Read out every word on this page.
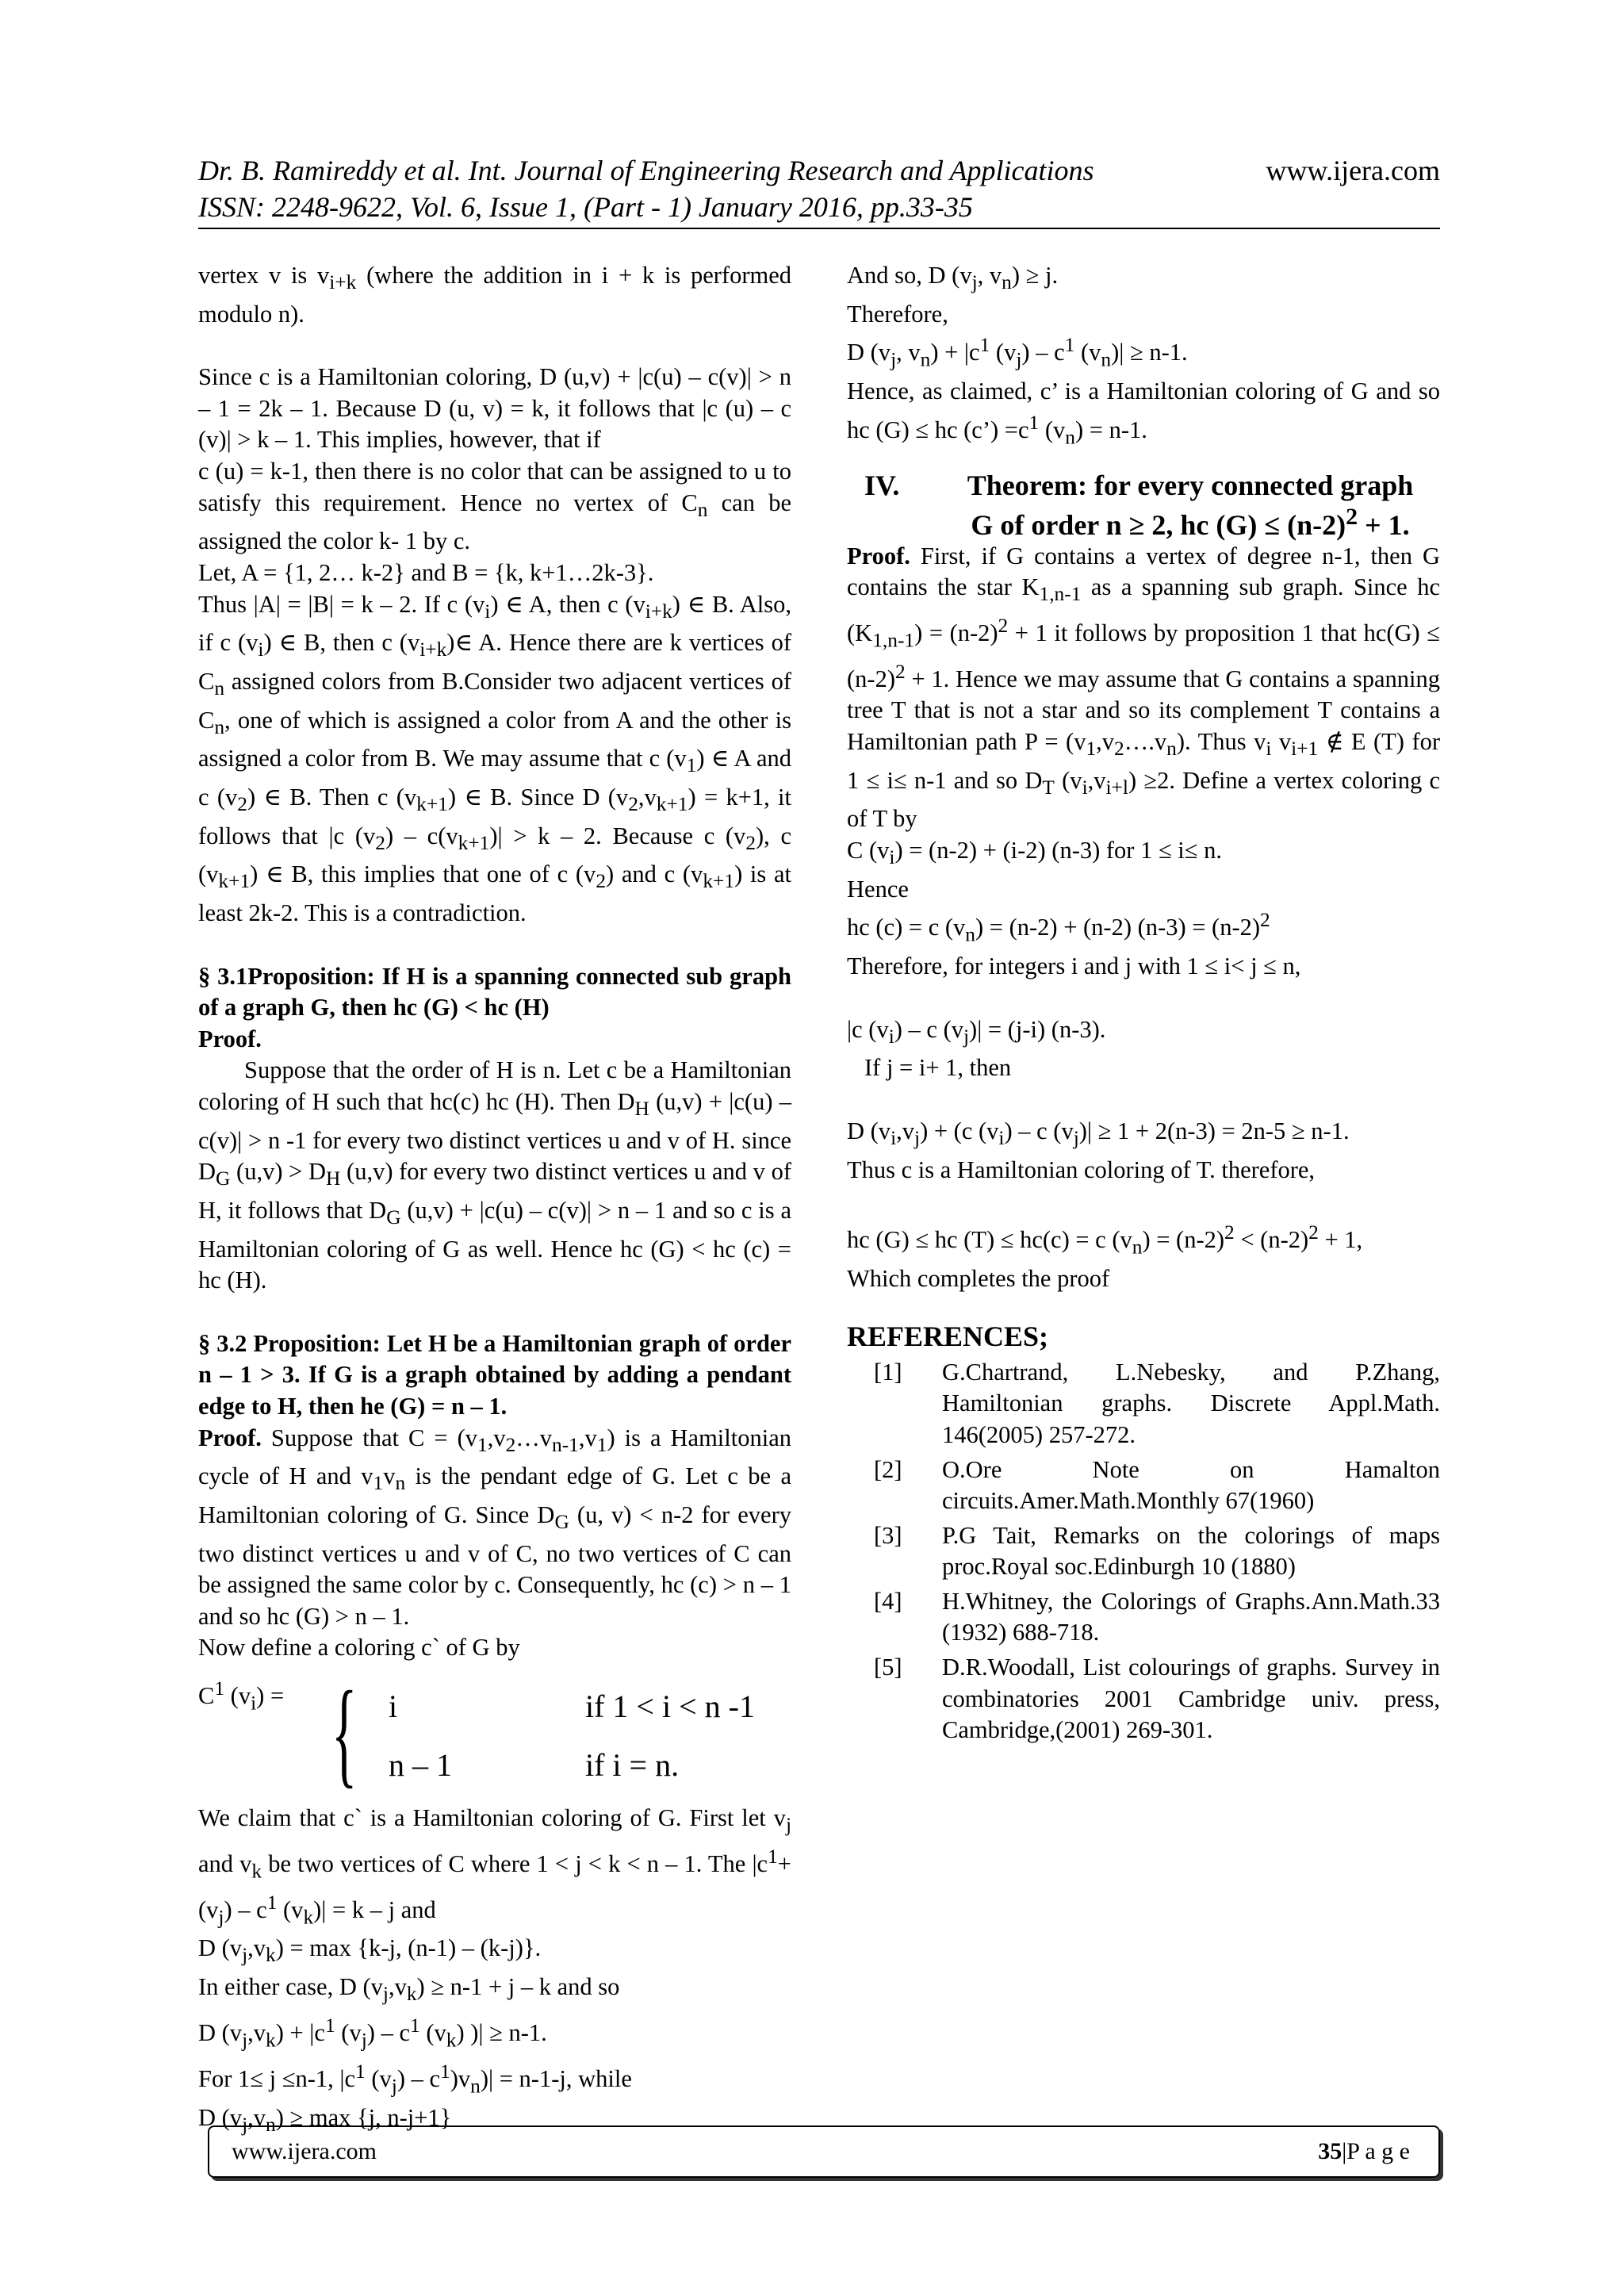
Dr. B. Ramireddy et al. Int. Journal of Engineering Research and Applications	www.ijera.com
ISSN: 2248-9622, Vol. 6, Issue 1, (Part - 1) January 2016, pp.33-35

vertex v is $v_{i+k}$ (where the addition in i + k is performed modulo n).

Since c is a Hamiltonian coloring, D (u,v) + |c(u) – c(v)| > n – 1 = 2k – 1. Because D (u, v) = k, it follows that |c (u) – c (v)| > k – 1. This implies, however, that if

c (u) = k-1, then there is no color that can be assigned to u to satisfy this requirement. Hence no vertex of $C_n$ can be assigned the color k- 1 by c.

Let, A = {1, 2… k-2} and B = {k, k+1…2k-3}.

Thus |A| = |B| = k – 2. If c $(v_i)$ ∈ A, then c $(v_{i+k})$ ∈ B. Also, if c $(v_i)$ ∈ B, then c $(v_{i+k})\in$ A. Hence there are k vertices of $C_n$ assigned colors from B.Consider two adjacent vertices of $C_n$, one of which is assigned a color from A and the other is assigned a color from B. We may assume that c $(v_1)$ ∈ A and c $(v_2)$ ∈ B. Then c $(v_{k+1})$ ∈ B. Since D $(v_2,v_{k+1}) = k+1$, it follows that |c $(v_2) - c(v_{k+1})| > k - 2$. Because c $(v_2)$, c $(v_{k+1})$ ∈ B, this implies that one of c $(v_2)$ and c $(v_{k+1})$ is at least 2k-2. This is a contradiction.

§ 3.1Proposition: If H is a spanning connected sub graph of a graph G, then hc (G) < hc (H)

Proof.

Suppose that the order of H is n. Let c be a Hamiltonian coloring of H such that hc(c) hc (H). Then $D_H$ (u,v) + |c(u) – c(v)| > n -1 for every two distinct vertices u and v of H. since $D_G$ $(u,v) > D_H$ (u,v) for every two distinct vertices u and v of H, it follows that $D_G$ (u,v) + |c(u) – c(v)| > n – 1 and so c is a Hamiltonian coloring of G as well. Hence hc (G) < hc (c) = hc (H).

§ 3.2 Proposition: Let H be a Hamiltonian graph of order n – 1 > 3. If G is a graph obtained by adding a pendant edge to H, then he (G) = n – 1.

Proof. Suppose that $C = (v_1,v_2\dots v_{n-1},v_1)$ is a Hamiltonian cycle of H and $v_1v_n$ is the pendant edge of G. Let c be a Hamiltonian coloring of G. Since $D_G$ (u, v) < n-2 for every two distinct vertices u and v of C, no two vertices of C can be assigned the same color by c. Consequently, hc (c) > n – 1 and so hc (G) > n – 1.

Now define a coloring c` of G by

$C^1$ $(v_i)$ = { i	if 1 < i < n -1
n – 1	if i = n.

We claim that c` is a Hamiltonian coloring of G. First let $v_j$ and $v_k$ be two vertices of C where 1 < j < k < n – 1. The $|c^1+ (v_j) - c^1$ $(v_k)| = k - j$ and

D $(v_j,v_k) = \max \{k-j$, (n-1) – (k-j)}.

In either case, D $(v_j,v_k) \ge n-1 + j - k$ and so

D $(v_j,v_k) + |c^1$ $(v_j) - c^1$ $(v_k)$ )| ≥ n-1.

For 1≤ j ≤n-1, $|c^1$ $(v_j) - c^1)v_n)| = n-1-j$, while

D $(v_j,v_n) \ge \max \{j$, n-j+1}

And so, D ($v_j$, $v_n) \ge j$.

Therefore,

D ($v_j$, $v_n) + |c^1$ $(v_j) - c^1$ $(v_n)| \ge n-1$.

Hence, as claimed, c’ is a Hamiltonian coloring of G and so hc (G) ≤ hc (c’) $=c^1$ $(v_n) = n-1$.

IV.	Theorem: for every connected graph
G of order n ≥ 2, hc $(G) \le (n-2)^2 + 1$.

Proof. First, if G contains a vertex of degree n-1, then G contains the star $K_{1,n-1}$ as a spanning sub graph. Since hc $(K_{1,n-1}) = (n-2)^2 + 1$ it follows by proposition 1 that $hc(G) \le (n-2)^2 + 1$. Hence we may assume that G contains a spanning tree T that is not a star and so its complement T contains a Hamiltonian path $P = (v_1,v_2\dots.v_n)$. Thus $v_i$ $v_{i+1}$ ∉ E (T) for 1 ≤ i≤ n-1 and so $D_T$ $(v_i,v_{i+l}) \ge 2$. Define a vertex coloring c of T by

C $(v_i) = (n-2) + (i-2)$ (n-3) for 1 ≤ i≤ n.

Hence

hc (c) = c $(v_n) = (n-2) + (n-2) (n-3) = (n-2)^2$

Therefore, for integers i and j with 1 ≤ i< j ≤ n,

|c $(v_i)$ – c $(v_j)| = (j-i)$ (n-3).

If j = i+ 1, then

D $(v_i,v_j) + (c$ $(v_i)$ – c $(v_j)| \ge 1 + 2(n-3) = 2n-5 \ge n-1$.

Thus c is a Hamiltonian coloring of T. therefore,

hc (G) ≤ hc (T) ≤ hc(c) = c $(v_n) = (n-2)^2 < (n-2)^2 + 1$,

Which completes the proof

REFERENCES;
[1]	G.Chartrand, L.Nebesky, and P.Zhang, Hamiltonian graphs. Discrete Appl.Math. 146(2005) 257-272.
[2]	O.Ore Note on Hamalton circuits.Amer.Math.Monthly 67(1960)
[3]	P.G Tait, Remarks on the colorings of maps proc.Royal soc.Edinburgh 10 (1880)
[4]	H.Whitney, the Colorings of Graphs.Ann.Math.33 (1932) 688-718.
[5]	D.R.Woodall, List colourings of graphs. Survey in combinatories 2001 Cambridge univ. press, Cambridge,(2001) 269-301.
www.ijera.com	35|P a g e
